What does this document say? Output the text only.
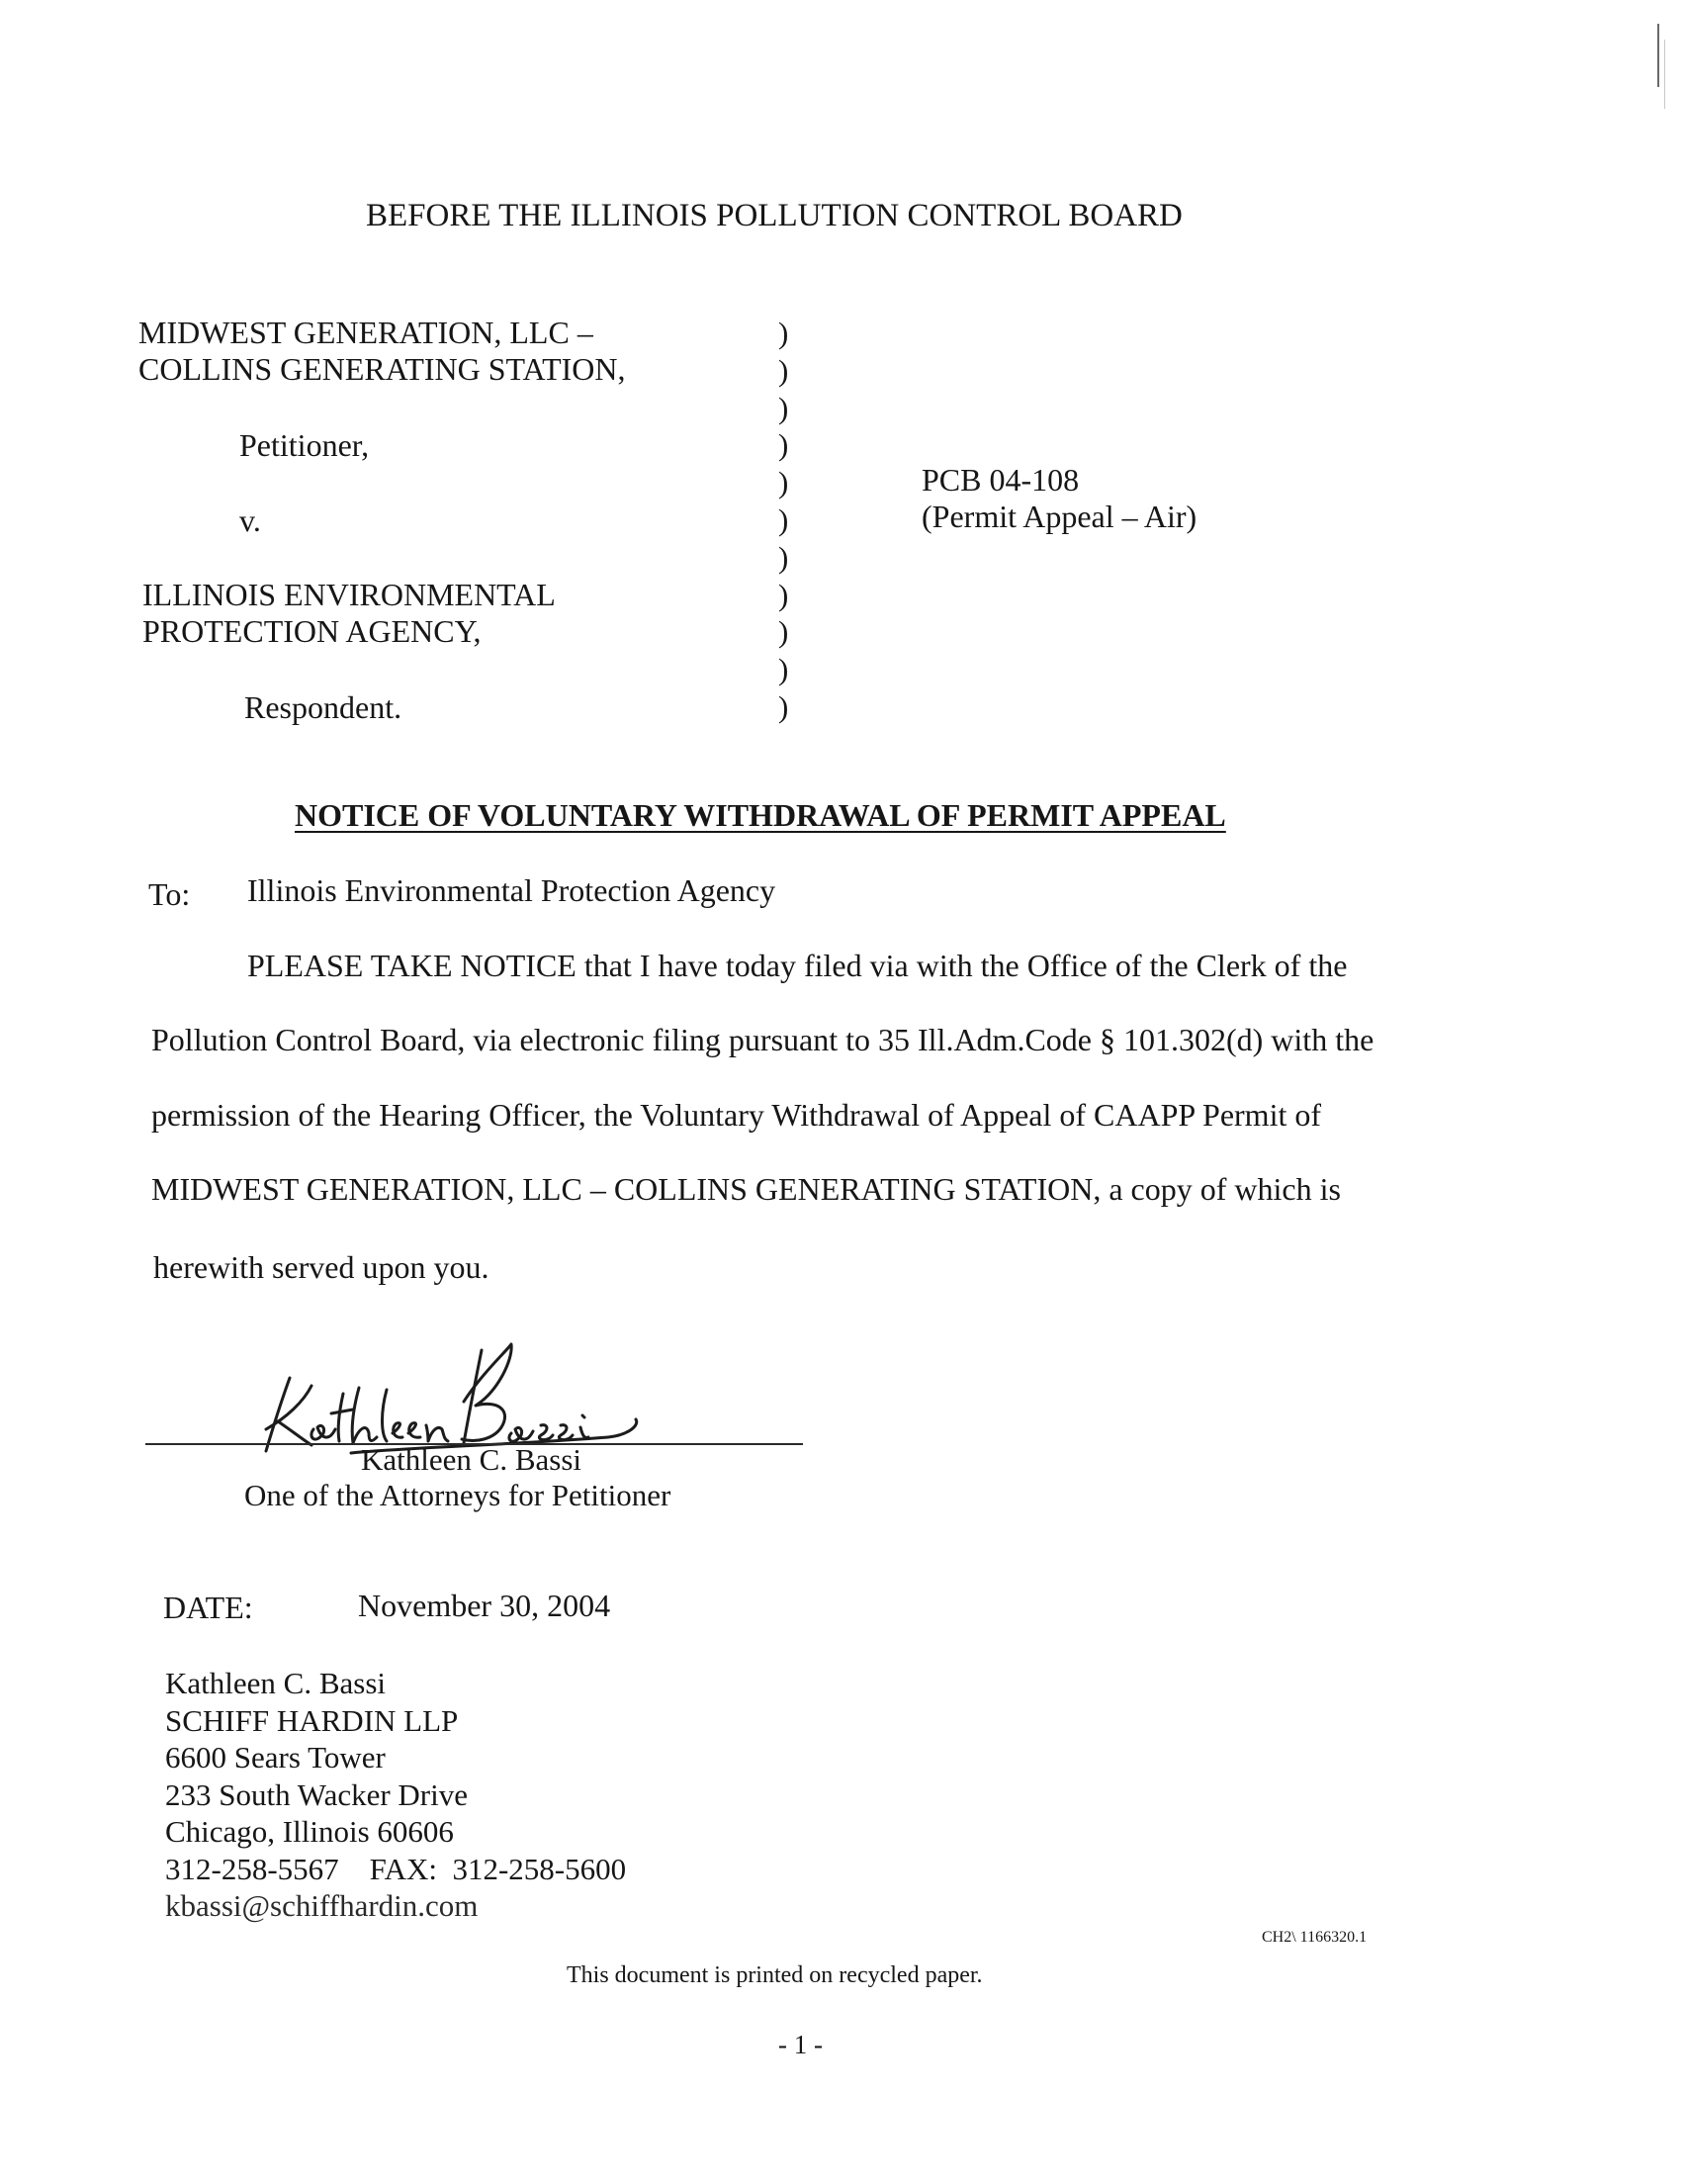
BEFORE THE ILLINOIS POLLUTION CONTROL BOARD
MIDWEST GENERATION, LLC –
COLLINS GENERATING STATION,
Petitioner,
v.
ILLINOIS ENVIRONMENTAL
PROTECTION AGENCY,
Respondent.
)
)
)
)
)
)
)
)
)
)
)
PCB 04-108
(Permit Appeal – Air)
NOTICE OF VOLUNTARY WITHDRAWAL OF PERMIT APPEAL
To: Illinois Environmental Protection Agency
PLEASE TAKE NOTICE that I have today filed via with the Office of the Clerk of the
Pollution Control Board, via electronic filing pursuant to 35 Ill.Adm.Code § 101.302(d) with the
permission of the Hearing Officer, the Voluntary Withdrawal of Appeal of CAAPP Permit of
MIDWEST GENERATION, LLC – COLLINS GENERATING STATION, a copy of which is
herewith served upon you.
Kathleen C. Bassi
One of the Attorneys for Petitioner
DATE:	November 30, 2004
Kathleen C. Bassi
SCHIFF HARDIN LLP
6600 Sears Tower
233 South Wacker Drive
Chicago, Illinois 60606
312-258-5567    FAX:  312-258-5600
kbassi@schiffhardin.com
CH2\ 1166320.1
This document is printed on recycled paper.
- 1 -
